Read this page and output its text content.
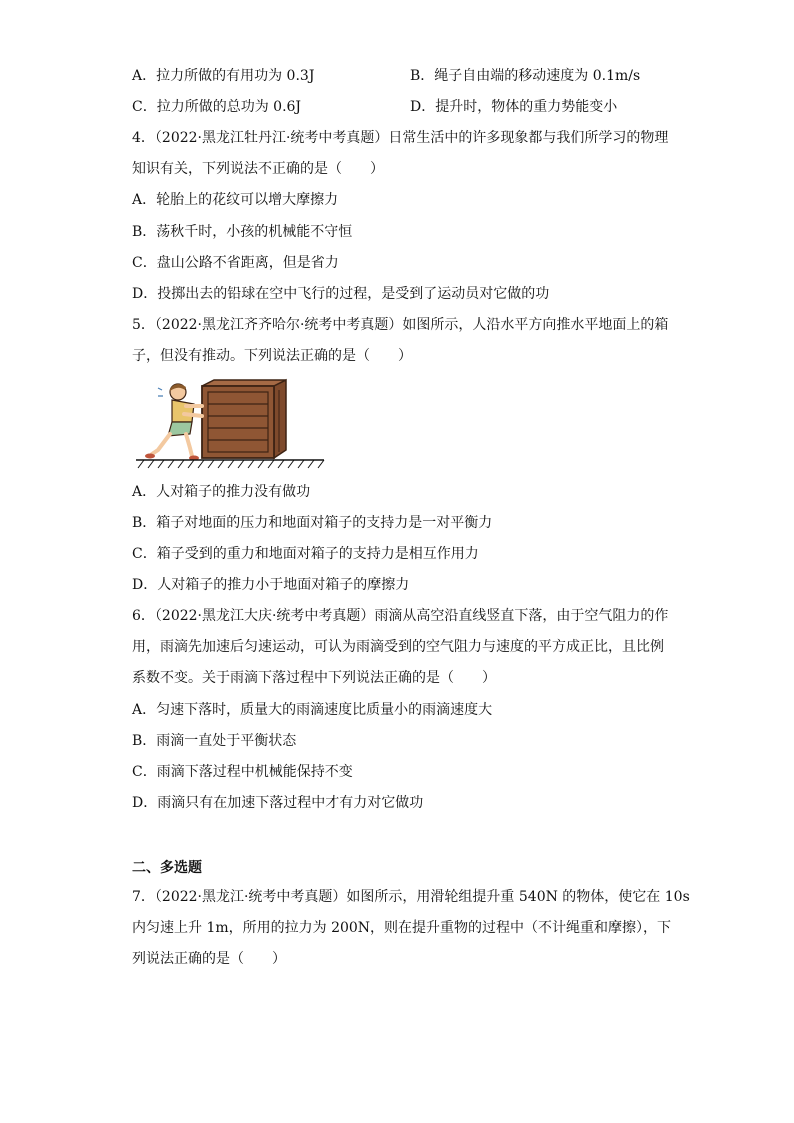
A．拉力所做的有用功为 0.3J	B．绳子自由端的移动速度为 0.1m/s
C．拉力所做的总功为 0.6J	D．提升时，物体的重力势能变小
4．（2022·黑龙江牡丹江·统考中考真题）日常生活中的许多现象都与我们所学习的物理
知识有关，下列说法不正确的是（　　）
A．轮胎上的花纹可以增大摩擦力
B．荡秋千时，小孩的机械能不守恒
C．盘山公路不省距离，但是省力
D．投掷出去的铅球在空中飞行的过程，是受到了运动员对它做的功
5．（2022·黑龙江齐齐哈尔·统考中考真题）如图所示，人沿水平方向推水平地面上的箱
子，但没有推动。下列说法正确的是（　　）
A．人对箱子的推力没有做功
B．箱子对地面的压力和地面对箱子的支持力是一对平衡力
C．箱子受到的重力和地面对箱子的支持力是相互作用力
D．人对箱子的推力小于地面对箱子的摩擦力
6．（2022·黑龙江大庆·统考中考真题）雨滴从高空沿直线竖直下落，由于空气阻力的作
用，雨滴先加速后匀速运动，可认为雨滴受到的空气阻力与速度的平方成正比，且比例
系数不变。关于雨滴下落过程中下列说法正确的是（　　）
A．匀速下落时，质量大的雨滴速度比质量小的雨滴速度大
B．雨滴一直处于平衡状态
C．雨滴下落过程中机械能保持不变
D．雨滴只有在加速下落过程中才有力对它做功
二、多选题
7．（2022·黑龙江·统考中考真题）如图所示，用滑轮组提升重 540N 的物体，使它在 10s
内匀速上升 1m，所用的拉力为 200N，则在提升重物的过程中（不计绳重和摩擦），下
列说法正确的是（　　）
